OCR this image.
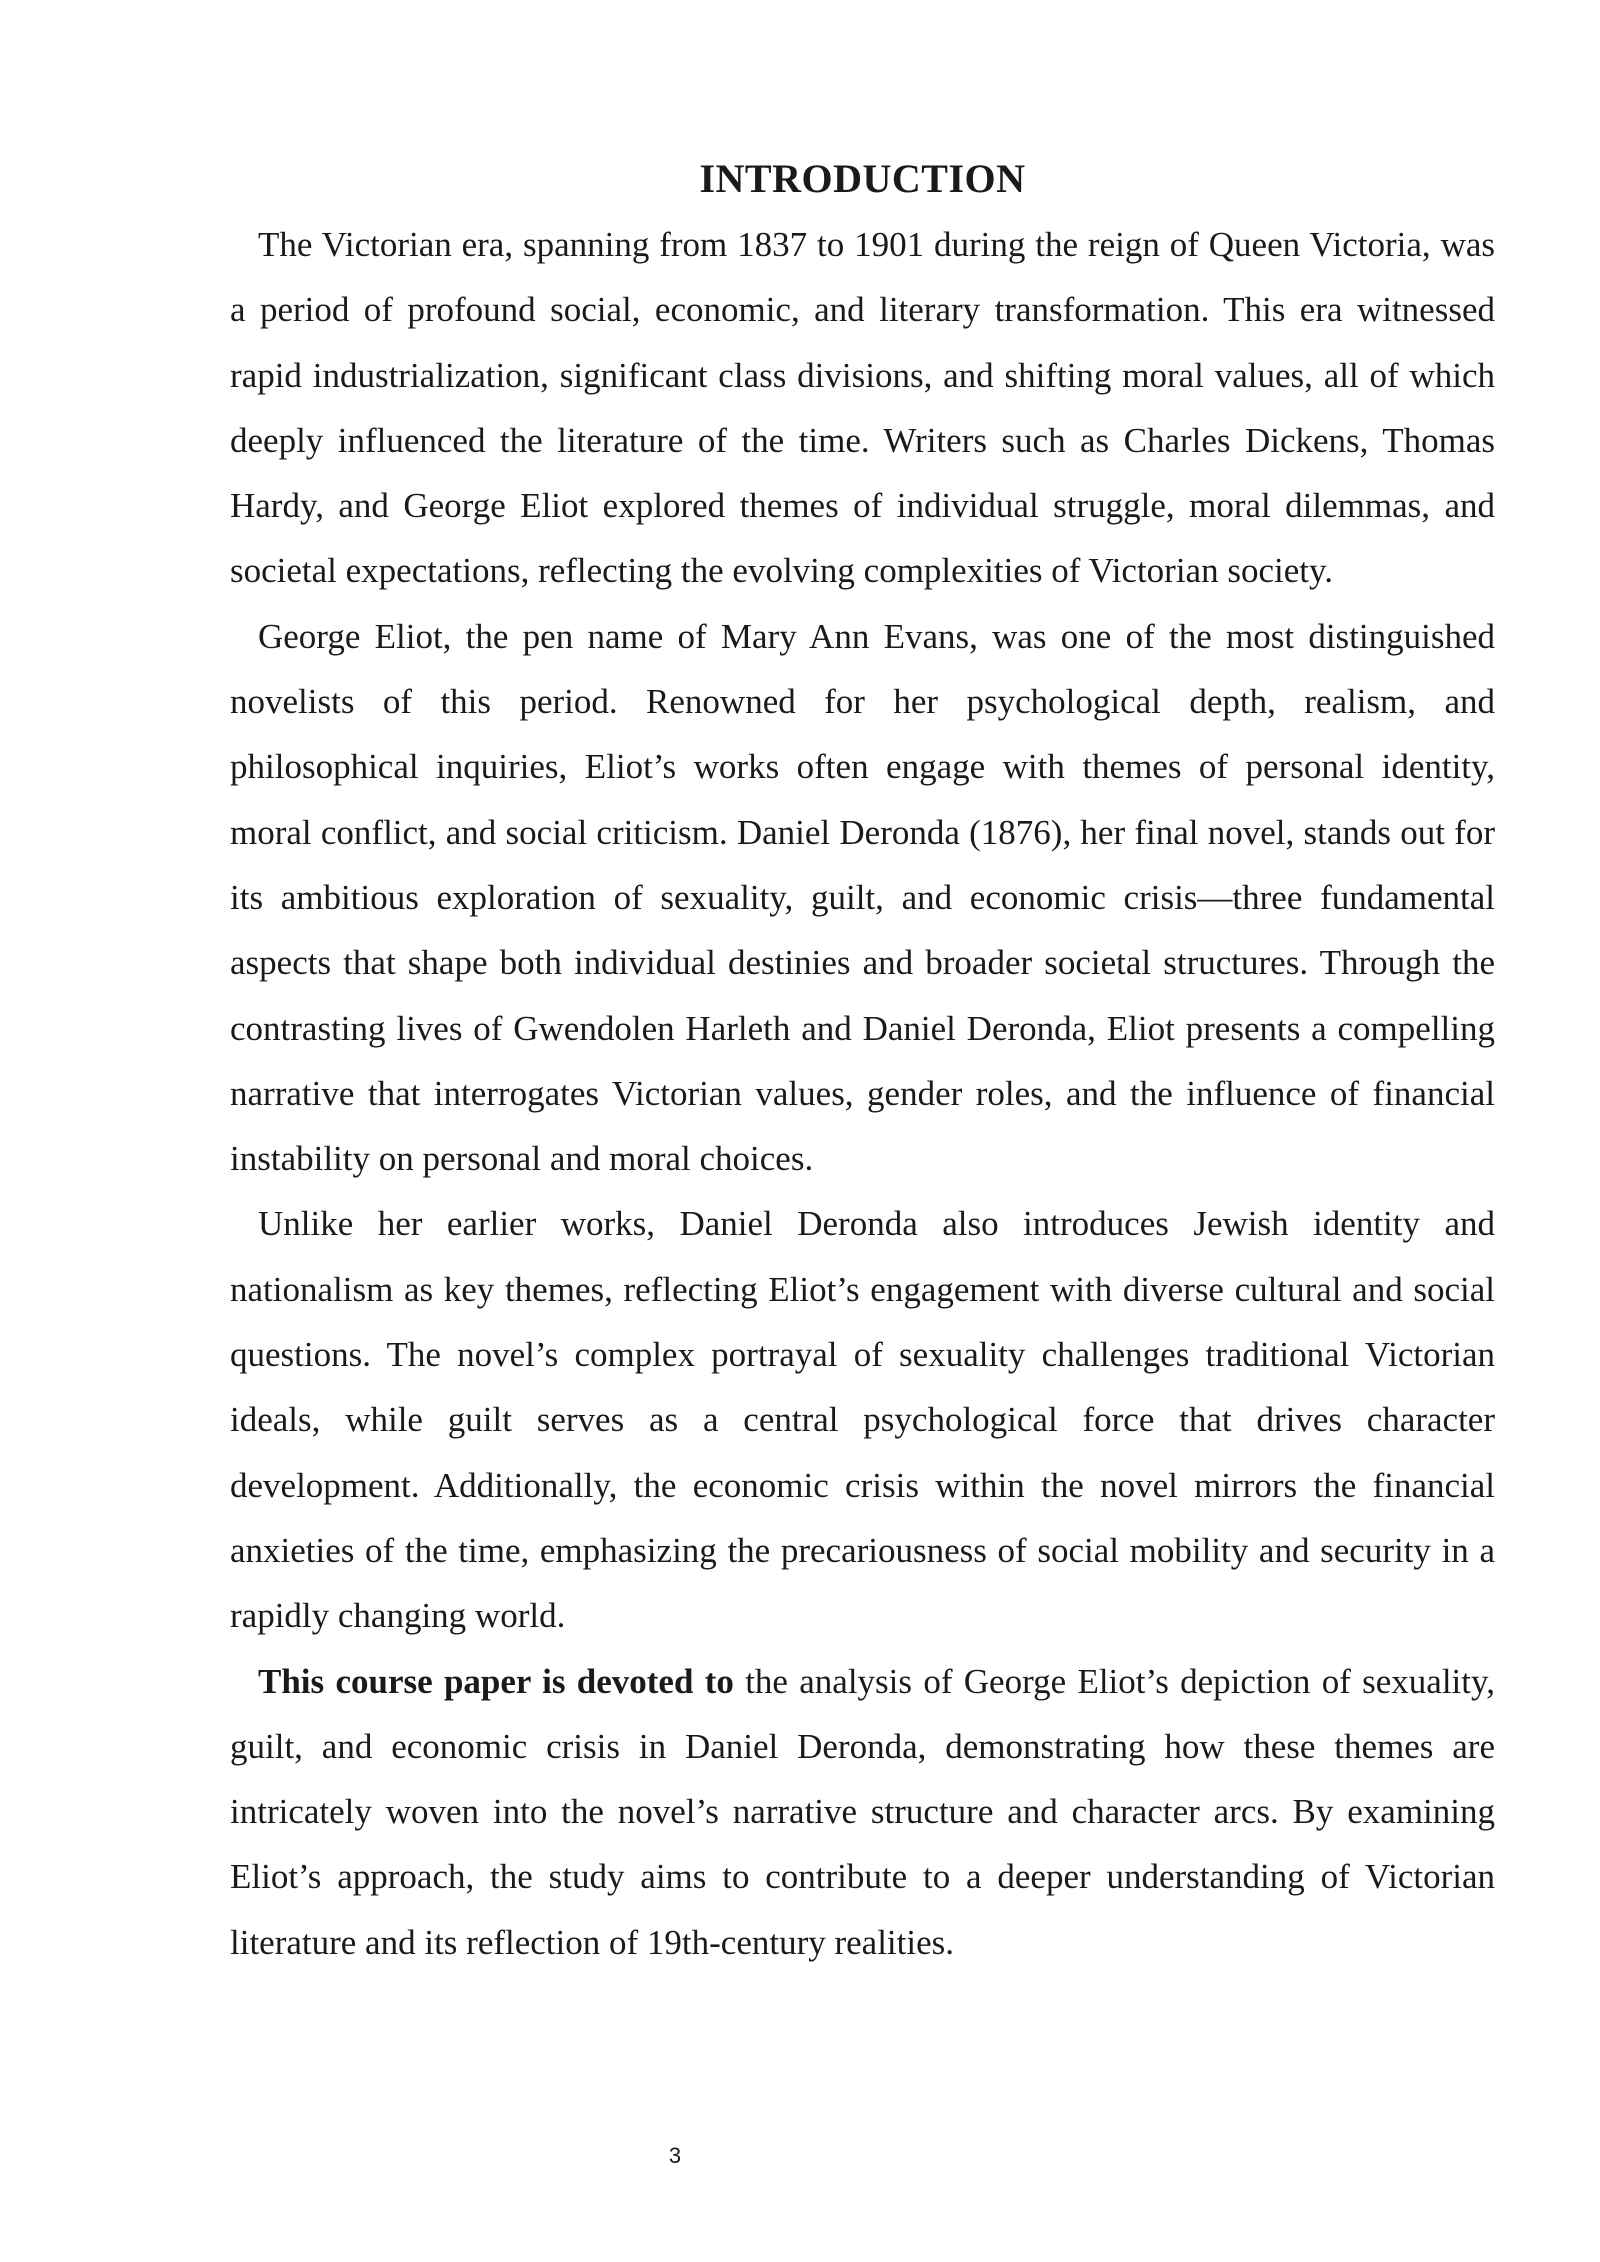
INTRODUCTION

The Victorian era, spanning from 1837 to 1901 during the reign of Queen Victoria, was a period of profound social, economic, and literary transformation. This era witnessed rapid industrialization, significant class divisions, and shifting moral values, all of which deeply influenced the literature of the time. Writers such as Charles Dickens, Thomas Hardy, and George Eliot explored themes of individual struggle, moral dilemmas, and societal expectations, reflecting the evolving complexities of Victorian society.

George Eliot, the pen name of Mary Ann Evans, was one of the most distinguished novelists of this period. Renowned for her psychological depth, realism, and philosophical inquiries, Eliot’s works often engage with themes of personal identity, moral conflict, and social criticism. Daniel Deronda (1876), her final novel, stands out for its ambitious exploration of sexuality, guilt, and economic crisis—three fundamental aspects that shape both individual destinies and broader societal structures. Through the contrasting lives of Gwendolen Harleth and Daniel Deronda, Eliot presents a compelling narrative that interrogates Victorian values, gender roles, and the influence of financial instability on personal and moral choices.

Unlike her earlier works, Daniel Deronda also introduces Jewish identity and nationalism as key themes, reflecting Eliot’s engagement with diverse cultural and social questions. The novel’s complex portrayal of sexuality challenges traditional Victorian ideals, while guilt serves as a central psychological force that drives character development. Additionally, the economic crisis within the novel mirrors the financial anxieties of the time, emphasizing the precariousness of social mobility and security in a rapidly changing world.

This course paper is devoted to the analysis of George Eliot’s depiction of sexuality, guilt, and economic crisis in Daniel Deronda, demonstrating how these themes are intricately woven into the novel’s narrative structure and character arcs. By examining Eliot’s approach, the study aims to contribute to a deeper understanding of Victorian literature and its reflection of 19th-century realities.

3
